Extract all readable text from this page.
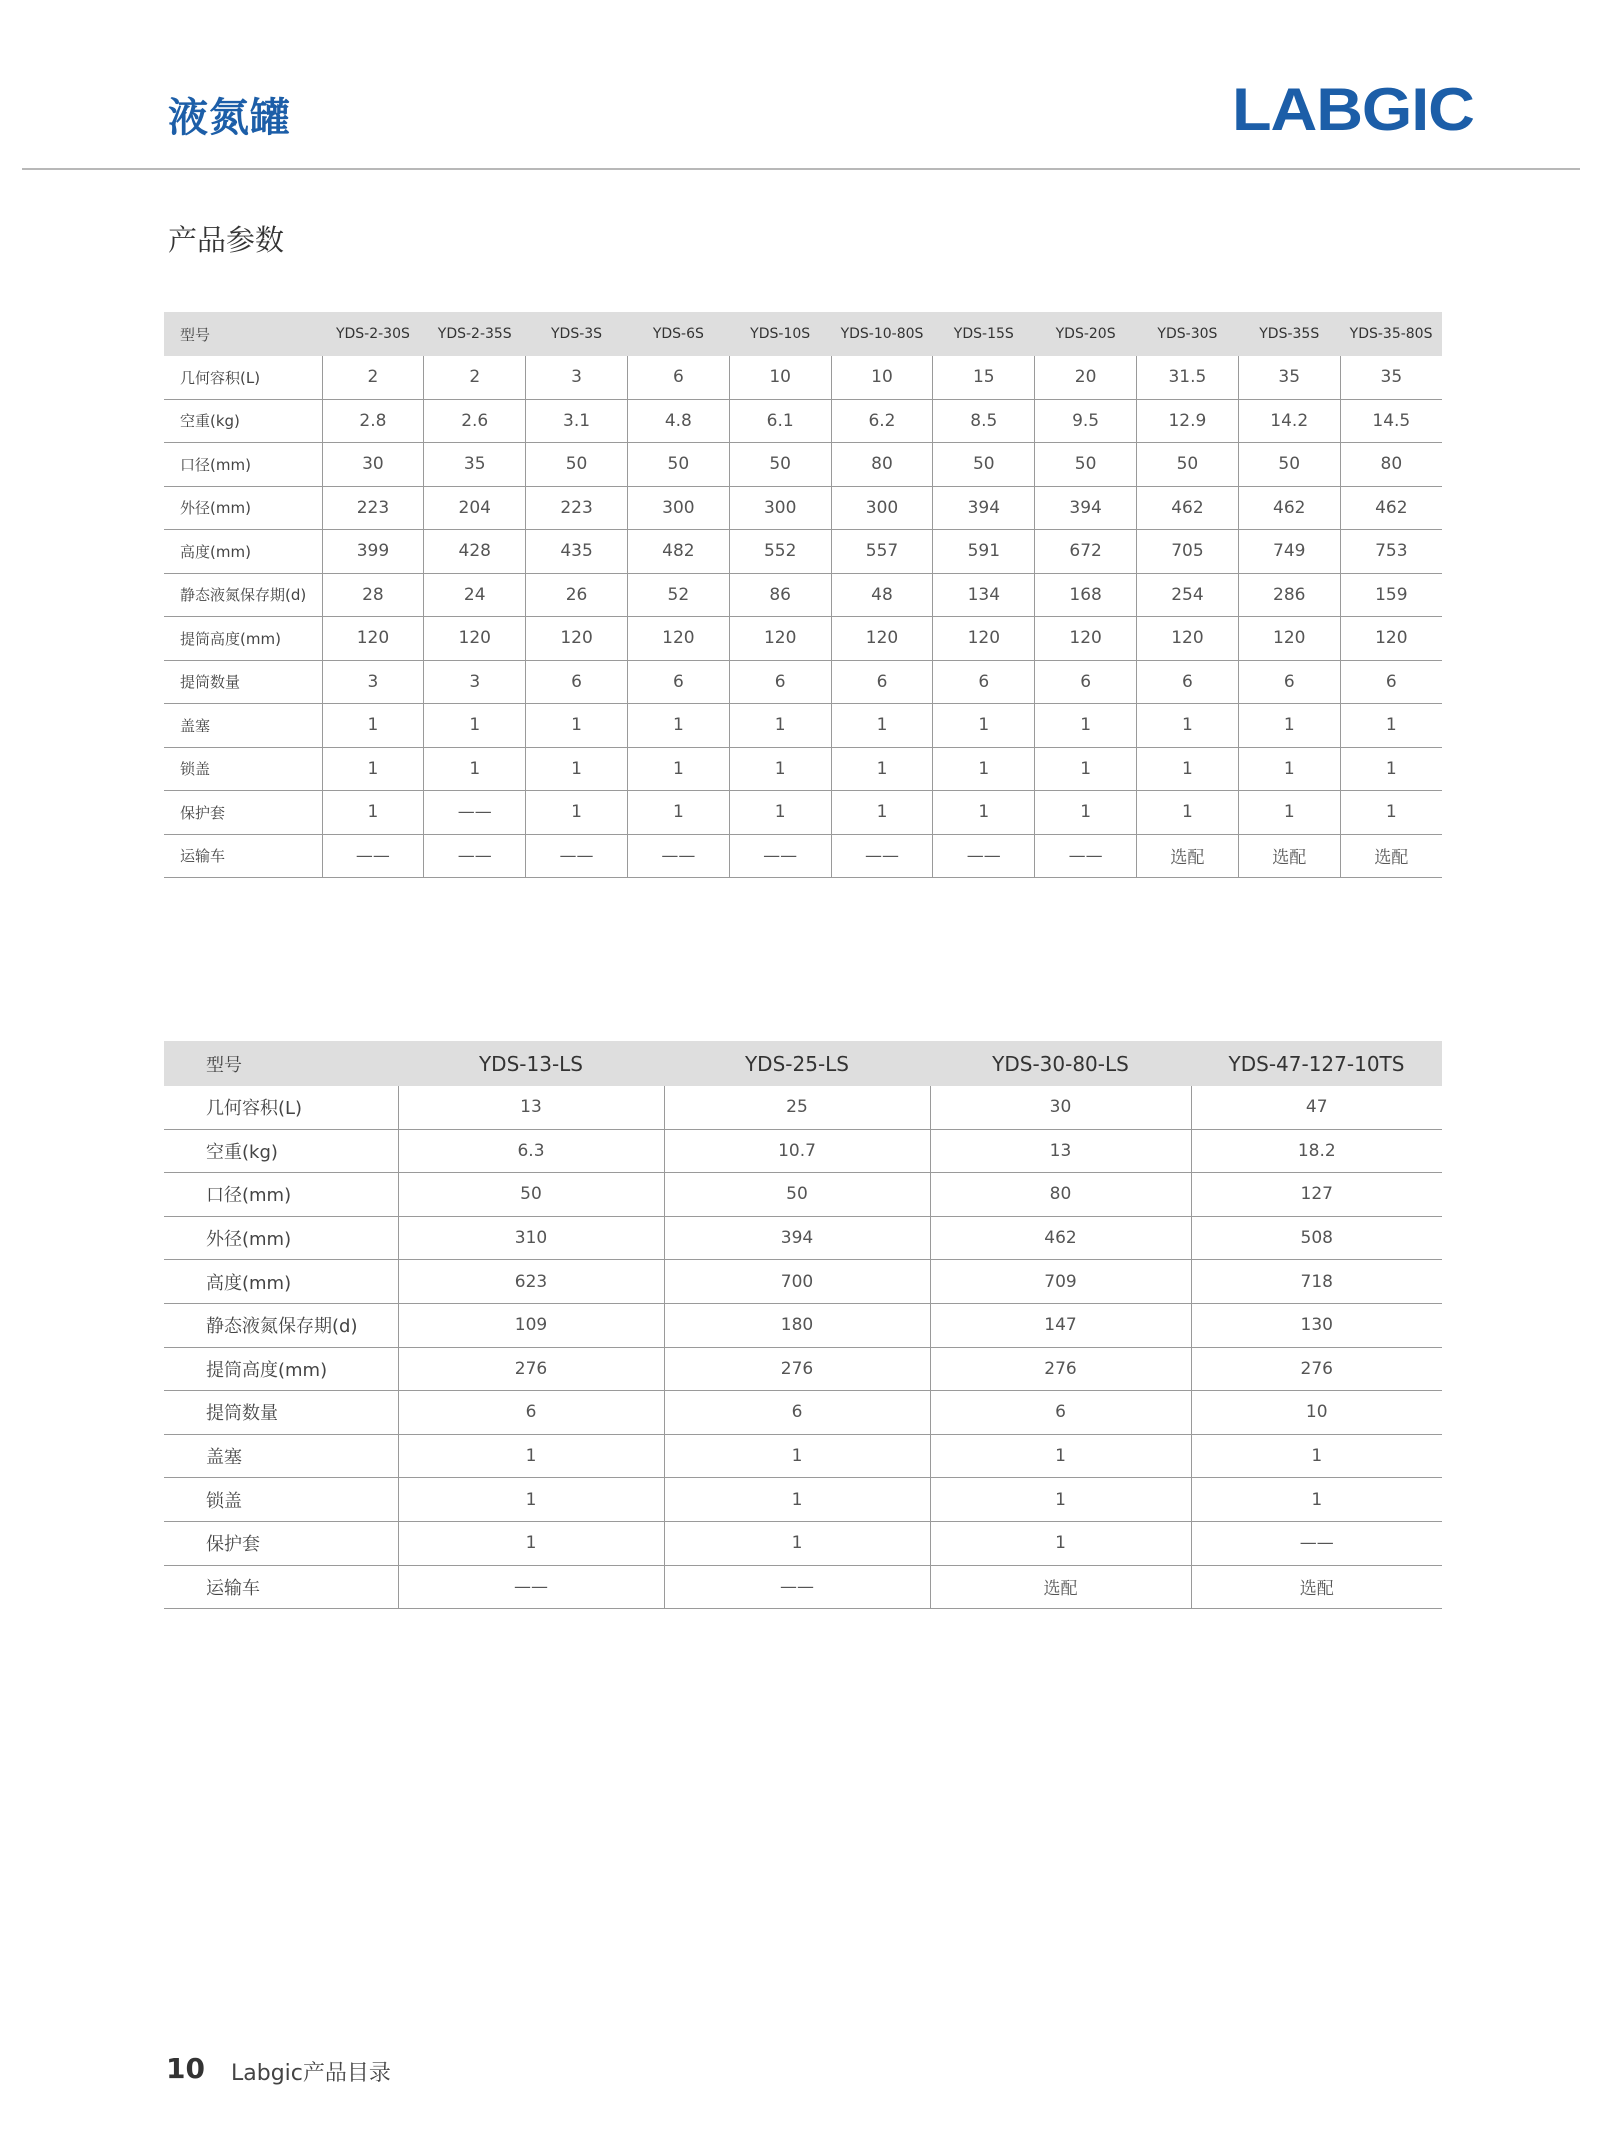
液氮罐	LABGIC
产品参数
型号	YDS-2-30S	YDS-2-35S	YDS-3S	YDS-6S	YDS-10S	YDS-10-80S	YDS-15S	YDS-20S	YDS-30S	YDS-35S	YDS-35-80S
几何容积(L)	2	2	3	6	10	10	15	20	31.5	35	35
空重(kg)	2.8	2.6	3.1	4.8	6.1	6.2	8.5	9.5	12.9	14.2	14.5
口径(mm)	30	35	50	50	50	80	50	50	50	50	80
外径(mm)	223	204	223	300	300	300	394	394	462	462	462
高度(mm)	399	428	435	482	552	557	591	672	705	749	753
静态液氮保存期(d)	28	24	26	52	86	48	134	168	254	286	159
提筒高度(mm)	120	120	120	120	120	120	120	120	120	120	120
提筒数量	3	3	6	6	6	6	6	6	6	6	6
盖塞	1	1	1	1	1	1	1	1	1	1	1
锁盖	1	1	1	1	1	1	1	1	1	1	1
保护套	1	——	1	1	1	1	1	1	1	1	1
运输车	——	——	——	——	——	——	——	——	选配	选配	选配
型号	YDS-13-LS	YDS-25-LS	YDS-30-80-LS	YDS-47-127-10TS
几何容积(L)	13	25	30	47
空重(kg)	6.3	10.7	13	18.2
口径(mm)	50	50	80	127
外径(mm)	310	394	462	508
高度(mm)	623	700	709	718
静态液氮保存期(d)	109	180	147	130
提筒高度(mm)	276	276	276	276
提筒数量	6	6	6	10
盖塞	1	1	1	1
锁盖	1	1	1	1
保护套	1	1	1	——
运输车	——	——	选配	选配
10 Labgic产品目录
